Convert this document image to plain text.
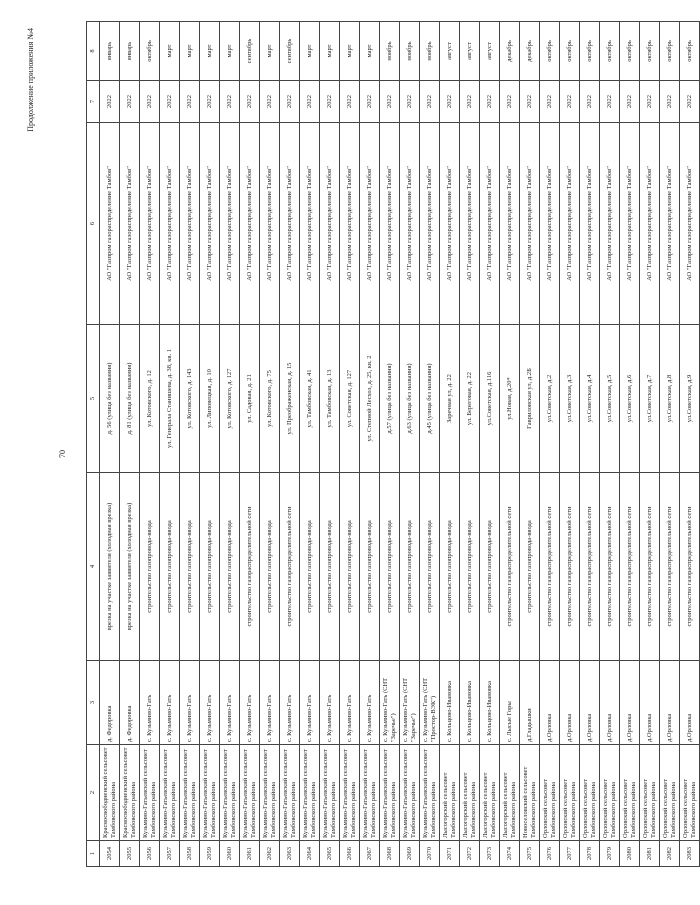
Продолжение приложения №4
70
1	2	3	4	5	6	7	8
2054	Красносвободненский сельсовет Тамбовского района	д. Федоровка	врезка на участке заявителя (холодная врезка)	д. 56 (улица без названия)	АО "Газпром газораспределение Тамбов"	2022	январь
2055	Красносвободненский сельсовет Тамбовского района	д. Федоровка	врезка на участке заявителя (холодная врезка)	д. 81 (улица без названия)	АО "Газпром газораспределение Тамбов"	2022	январь
2056	Кузьмино-Гатьевский сельсовет Тамбовского района	с. Кузьмино-Гать	строительство газопровода-ввода	ул. Котовского, д. 12	АО "Газпром газораспределение Тамбов"	2022	октябрь
2057	Кузьмино-Гатьевский сельсовет Тамбовского района	с. Кузьмино-Гать	строительство газопровода-ввода	ул. Генерала Станишева, д. 38, кв. 1	АО "Газпром газораспределение Тамбов"	2022	март
2058	Кузьмино-Гатьевский сельсовет Тамбовского района	с. Кузьмино-Гать	строительство газопровода-ввода	ул. Котовского, д. 143	АО "Газпром газораспределение Тамбов"	2022	март
2059	Кузьмино-Гатьевский сельсовет Тамбовского района	с. Кузьмино-Гать	строительство газопровода-ввода	ул. Липовецкая, д. 10	АО "Газпром газораспределение Тамбов"	2022	март
2060	Кузьмино-Гатьевский сельсовет Тамбовского района	с. Кузьмино-Гать	строительство газопровода-ввода	ул. Котовского, д. 127	АО "Газпром газораспределение Тамбов"	2022	март
2061	Кузьмино-Гатьевский сельсовет Тамбовского района	с. Кузьмино-Гать	строительство газораспределительной сети	ул. Садовая, д. 21	АО "Газпром газораспределение Тамбов"	2022	сентябрь
2062	Кузьмино-Гатьевский сельсовет Тамбовского района	с. Кузьмино-Гать	строительство газопровода-ввода	ул. Котовского, д. 75	АО "Газпром газораспределение Тамбов"	2022	март
2063	Кузьмино-Гатьевский сельсовет Тамбовского района	с. Кузьмино-Гать	строительство газораспределительной сети	ул. Преображенская, д. 15	АО "Газпром газораспределение Тамбов"	2022	сентябрь
2064	Кузьмино-Гатьевский сельсовет Тамбовского района	с. Кузьмино-Гать	строительство газопровода-ввода	ул. Тамбовская, д. 41	АО "Газпром газораспределение Тамбов"	2022	март
2065	Кузьмино-Гатьевский сельсовет Тамбовского района	с. Кузьмино-Гать	строительство газопровода-ввода	ул. Тамбовская, д. 13	АО "Газпром газораспределение Тамбов"	2022	март
2066	Кузьмино-Гатьевский сельсовет Тамбовского района	с. Кузьмино-Гать	строительство газопровода-ввода	ул. Советская, д. 127	АО "Газпром газораспределение Тамбов"	2022	март
2067	Кузьмино-Гатьевский сельсовет Тамбовского района	с. Кузьмино-Гать	строительство газопровода-ввода	ул. Степной Лесхоз, д. 25, кв. 2	АО "Газпром газораспределение Тамбов"	2022	март
2068	Кузьмино-Гатьевский сельсовет Тамбовского района	с. Кузьмино-Гать (СНТ "Заречье")	строительство газопровода-ввода	д.57 (улица без названия)	АО "Газпром газораспределение Тамбов"	2022	ноябрь
2069	Кузьмино-Гатьевский сельсовет Тамбовского района	с. Кузьмино-Гать (СНТ "Заречье")	строительство газопровода-ввода	д.63 (улица без названия)	АО "Газпром газораспределение Тамбов"	2022	ноябрь
2070	Кузьмино-Гатьевский сельсовет Тамбовского района	с. Кузьмино-Гать (СНТ "Простор-ВЭК")	строительство газопровода-ввода	д.45 (улица без названия)	АО "Газпром газораспределение Тамбов"	2022	ноябрь
2071	Лысогорский сельсовет Тамбовского района	с. Кольцово-Ивановка	строительство газопровода-ввода	Заречная ул, д. 22	АО "Газпром газораспределение Тамбов"	2022	август
2072	Лысогорский сельсовет Тамбовского района	с. Кольцово-Ивановка	строительство газопровода-ввода	ул. Береговая, д. 22	АО "Газпром газораспределение Тамбов"	2022	август
2073	Лысогорский сельсовет Тамбовского района	с. Кольцово-Ивановка	строительство газопровода-ввода	ул.Советская, д.116	АО "Газпром газораспределение Тамбов"	2022	август
2074	Лысогорский сельсовет Тамбовского района	с. Лысые Горы	строительство газораспределительной сети	ул.Новая, д.20*	АО "Газпром газораспределение Тамбов"	2022	декабрь
2075	Новоселовский сельсовет Тамбовского района	д.Гладышки	строительство газопровода-ввода	Гавриловская ул, д.2Б	АО "Газпром газораспределение Тамбов"	2022	декабрь
2076	Орловский сельсовет Тамбовского района	д.Орловка	строительство газораспределительной сети	ул.Советская, д.2	АО "Газпром газораспределение Тамбов"	2022	октябрь
2077	Орловский сельсовет Тамбовского района	д.Орловка	строительство газораспределительной сети	ул.Советская, д.3	АО "Газпром газораспределение Тамбов"	2022	октябрь
2078	Орловский сельсовет Тамбовского района	д.Орловка	строительство газораспределительной сети	ул.Советская, д.4	АО "Газпром газораспределение Тамбов"	2022	октябрь
2079	Орловский сельсовет Тамбовского района	д.Орловка	строительство газораспределительной сети	ул.Советская, д.5	АО "Газпром газораспределение Тамбов"	2022	октябрь
2080	Орловский сельсовет Тамбовского района	д.Орловка	строительство газораспределительной сети	ул.Советская, д.6	АО "Газпром газораспределение Тамбов"	2022	октябрь
2081	Орловский сельсовет Тамбовского района	д.Орловка	строительство газораспределительной сети	ул.Советская, д.7	АО "Газпром газораспределение Тамбов"	2022	октябрь
2082	Орловский сельсовет Тамбовского района	д.Орловка	строительство газораспределительной сети	ул.Советская, д.8	АО "Газпром газораспределение Тамбов"	2022	октябрь
2083	Орловский сельсовет Тамбовского района	д.Орловка	строительство газораспределительной сети	ул.Советская, д.9	АО "Газпром газораспределение Тамбов"	2022	октябрь
